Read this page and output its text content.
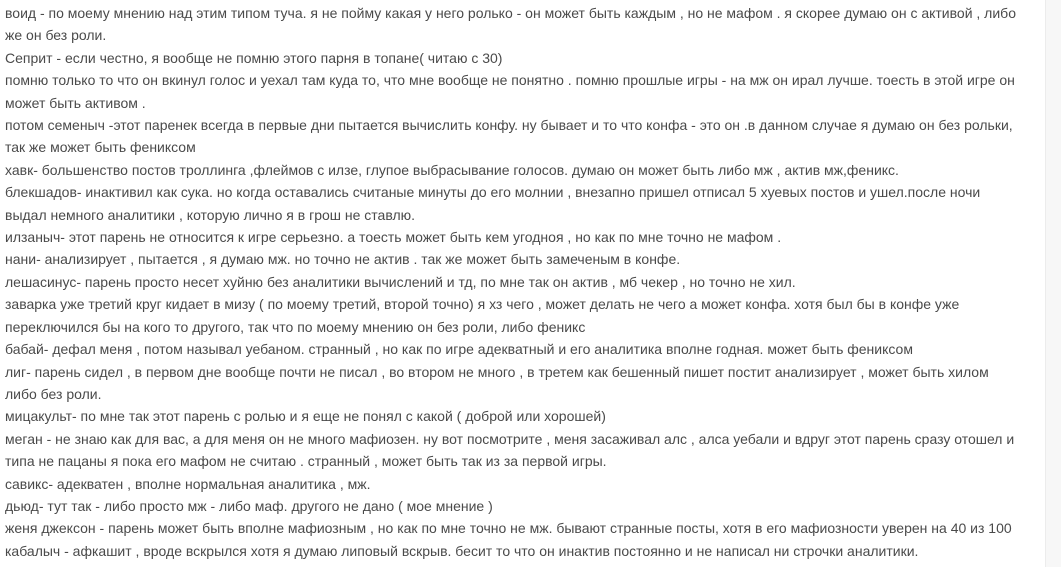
воид - по моему мнению над этим типом туча. я не пойму какая у него ролько - он может быть каждым , но не мафом . я скорее думаю он с активой , либо

же он без роли.

Сеприт - если честно, я вообще не помню этого парня в топане( читаю с 30)

помню только то что он вкинул голос и уехал там куда то, что мне вообще не понятно . помню прошлые игры - на мж он ирал лучше. тоесть в этой игре он

может быть активом .

потом семеныч -этот паренек всегда в первые дни пытается вычислить конфу. ну бывает и то что конфа - это он .в данном случае я думаю он без рольки,

так же может быть фениксом

хавк- большенство постов троллинга ,флеймов с илзе, глупое выбрасывание голосов. думаю он может быть либо мж , актив мж,феникс.

блекшадов- инактивил как сука. но когда оставались считаные минуты до его молнии , внезапно пришел отписал 5 хуевых постов и ушел.после ночи

выдал немного аналитики , которую лично я в грош не ставлю.

илзаныч- этот парень не относится к игре серьезно. а тоесть может быть кем угодноя , но как по мне точно не мафом .

нани- анализирует , пытается , я думаю мж. но точно не актив . так же может быть замеченым в конфе.

лешасинус- парень просто несет хуйню без аналитики вычислений и тд, по мне так он актив , мб чекер , но точно не хил.

заварка уже третий круг кидает в мизу ( по моему третий, второй точно) я хз чего , может делать не чего а может конфа. хотя был бы в конфе уже

переключился бы на кого то другого, так что по моему мнению он без роли, либо феникс

бабай- дефал меня , потом называл уебаном. странный , но как по игре адекватный и его аналитика вполне годная. может быть фениксом

лиг- парень сидел , в первом дне вообще почти не писал , во втором не много , в третем как бешенный пишет постит анализирует , может быть хилом

либо без роли.

мицакульт- по мне так этот парень с ролью и я еще не понял с какой ( доброй или хорошей)

меган - не знаю как для вас, а для меня он не много мафиозен. ну вот посмотрите , меня засаживал алс , алса уебали и вдруг этот парень сразу отошел и

типа не пацаны я пока его мафом не считаю . странный , может быть так из за первой игры.

савикс- адекватен , вполне нормальная аналитика , мж.

дьюд- тут так - либо просто мж - либо маф. другого не дано ( мое мнение )

женя джексон - парень может быть вполне мафиозным , но как по мне точно не мж. бывают странные посты, хотя в его мафиозности уверен на 40 из 100

кабалыч - афкашит , вроде вскрылся хотя я думаю липовый вскрыв. бесит то что он инактив постоянно и не написал ни строчки аналитики.
